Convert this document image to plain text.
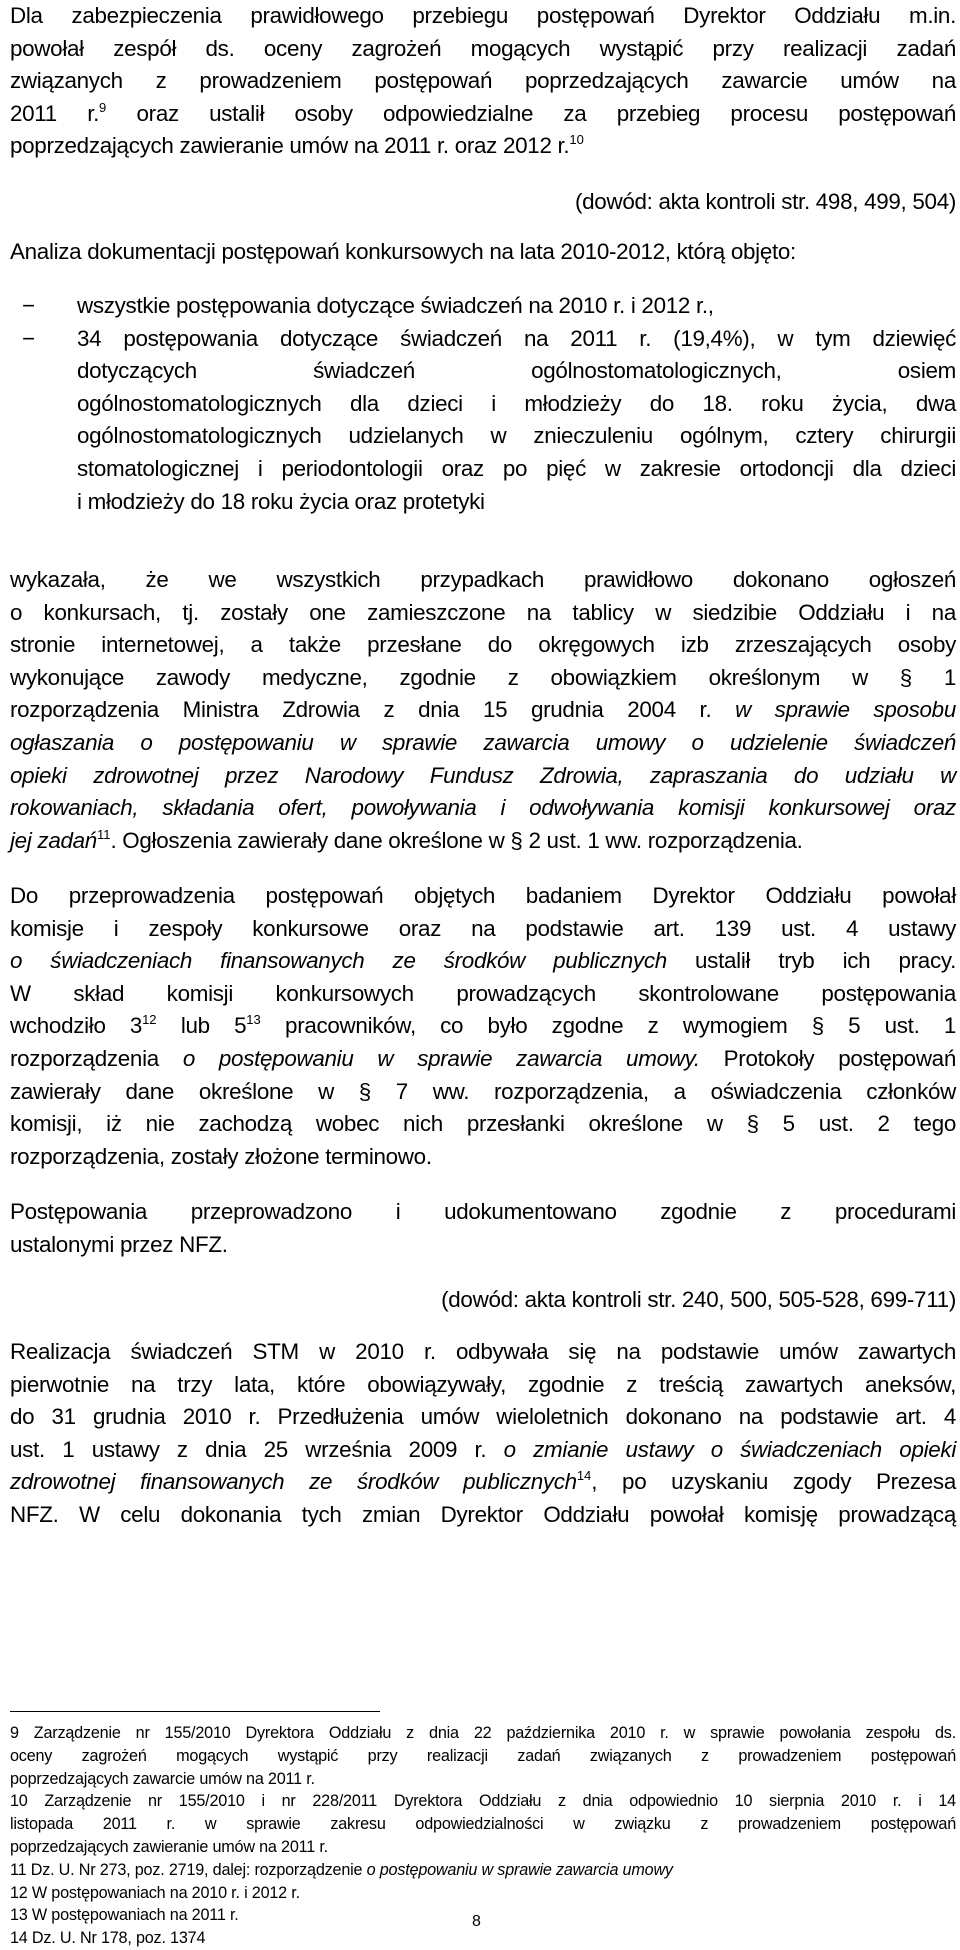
Dla zabezpieczenia prawidłowego przebiegu postępowań Dyrektor Oddziału m.in.

powołał zespół ds. oceny zagrożeń mogących wystąpić przy realizacji zadań

związanych z prowadzeniem postępowań poprzedzających zawarcie umów na

2011 r.$^9$ oraz ustalił osoby odpowiedzialne za przebieg procesu postępowań

poprzedzających zawieranie umów na 2011 r. oraz 2012 r.$^{10}$

(dowód: akta kontroli str. 498, 499, 504)

Analiza dokumentacji postępowań konkursowych na lata 2010-2012, którą objęto:

− wszystkie postępowania dotyczące świadczeń na 2010 r. i 2012 r.,

− 34 postępowania dotyczące świadczeń na 2011 r. (19,4%), w tym dziewięć

dotyczących świadczeń ogólnostomatologicznych, osiem

ogólnostomatologicznych dla dzieci i młodzieży do 18. roku życia, dwa

ogólnostomatologicznych udzielanych w znieczuleniu ogólnym, cztery chirurgii

stomatologicznej i periodontologii oraz po pięć w zakresie ortodoncji dla dzieci

i młodzieży do 18 roku życia oraz protetyki

wykazała, że we wszystkich przypadkach prawidłowo dokonano ogłoszeń

o konkursach, tj. zostały one zamieszczone na tablicy w siedzibie Oddziału i na

stronie internetowej, a także przesłane do okręgowych izb zrzeszających osoby

wykonujące zawody medyczne, zgodnie z obowiązkiem określonym w § 1

rozporządzenia Ministra Zdrowia z dnia 15 grudnia 2004 r. w sprawie sposobu

ogłaszania o postępowaniu w sprawie zawarcia umowy o udzielenie świadczeń

opieki zdrowotnej przez Narodowy Fundusz Zdrowia, zapraszania do udziału w

rokowaniach, składania ofert, powoływania i odwoływania komisji konkursowej oraz

jej zadań$^{11}$. Ogłoszenia zawierały dane określone w § 2 ust. 1 ww. rozporządzenia.

Do przeprowadzenia postępowań objętych badaniem Dyrektor Oddziału powołał

komisje i zespoły konkursowe oraz na podstawie art. 139 ust. 4 ustawy

o świadczeniach finansowanych ze środków publicznych ustalił tryb ich pracy.

W skład komisji konkursowych prowadzących skontrolowane postępowania

wchodziło $3^{12}$ lub $5^{13}$ pracowników, co było zgodne z wymogiem § 5 ust. 1

rozporządzenia o postępowaniu w sprawie zawarcia umowy. Protokoły postępowań

zawierały dane określone w § 7 ww. rozporządzenia, a oświadczenia członków

komisji, iż nie zachodzą wobec nich przesłanki określone w § 5 ust. 2 tego

rozporządzenia, zostały złożone terminowo.

Postępowania przeprowadzono i udokumentowano zgodnie z procedurami

ustalonymi przez NFZ.

(dowód: akta kontroli str. 240, 500, 505-528, 699-711)

Realizacja świadczeń STM w 2010 r. odbywała się na podstawie umów zawartych

pierwotnie na trzy lata, które obowiązywały, zgodnie z treścią zawartych aneksów,

do 31 grudnia 2010 r. Przedłużenia umów wieloletnich dokonano na podstawie art. 4

ust. 1 ustawy z dnia 25 września 2009 r. o zmianie ustawy o świadczeniach opieki

zdrowotnej finansowanych ze środków publicznych$^{14}$, po uzyskaniu zgody Prezesa

NFZ. W celu dokonania tych zmian Dyrektor Oddziału powołał komisję prowadzącą

9 Zarządzenie nr 155/2010 Dyrektora Oddziału z dnia 22 października 2010 r. w sprawie powołania zespołu ds.

oceny zagrożeń mogących wystąpić przy realizacji zadań związanych z prowadzeniem postępowań

poprzedzających zawarcie umów na 2011 r.

10 Zarządzenie nr 155/2010 i nr 228/2011 Dyrektora Oddziału z dnia odpowiednio 10 sierpnia 2010 r. i 14

listopada 2011 r. w sprawie zakresu odpowiedzialności w związku z prowadzeniem postępowań

poprzedzających zawieranie umów na 2011 r.

11 Dz. U. Nr 273, poz. 2719, dalej: rozporządzenie o postępowaniu w sprawie zawarcia umowy

12 W postępowaniach na 2010 r. i 2012 r.

13 W postępowaniach na 2011 r.

14 Dz. U. Nr 178, poz. 1374

8
